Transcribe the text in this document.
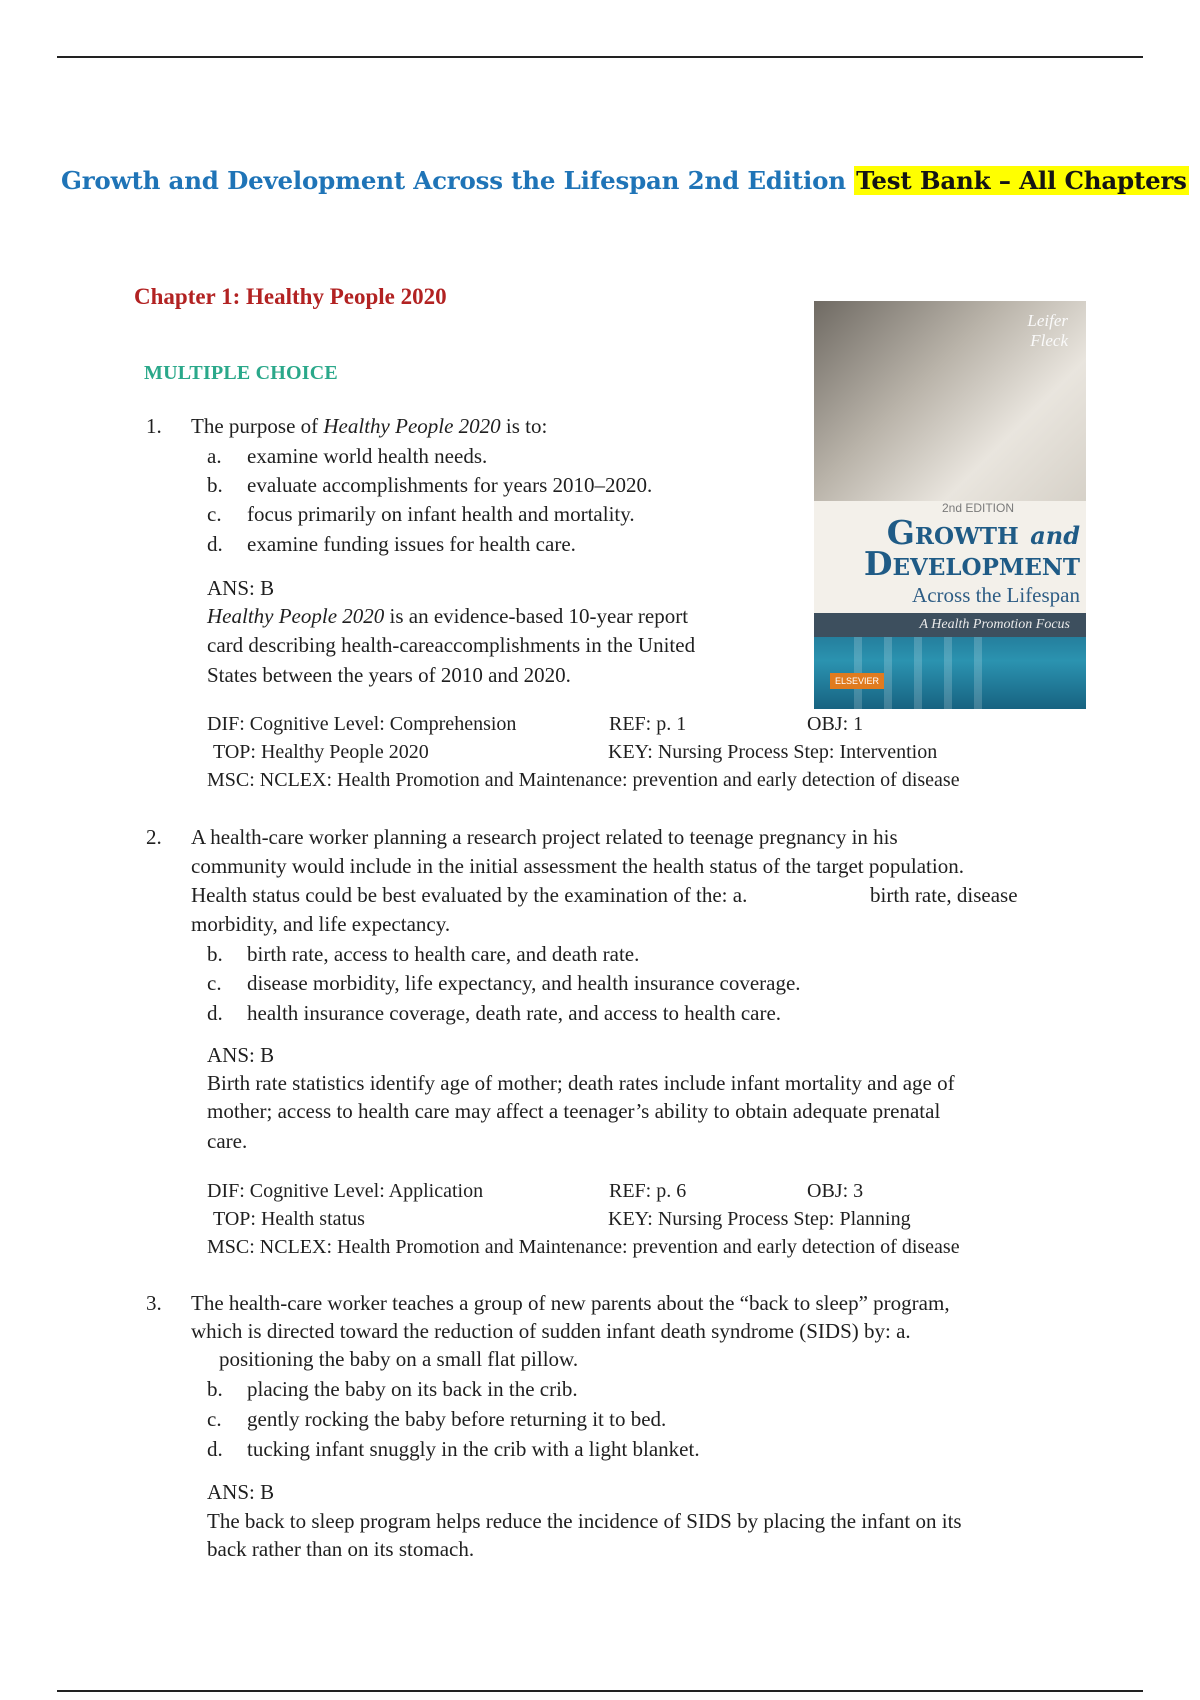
Growth and Development Across the Lifespan 2nd Edition Test Bank – All Chapters
Chapter 1: Healthy People 2020
MULTIPLE CHOICE
Leifer
Fleck
2nd EDITION
Growth and
Development
Across the Lifespan
A Health Promotion Focus
ELSEVIER
1. The purpose of Healthy People 2020 is to:
a. examine world health needs.
b. evaluate accomplishments for years 2010–2020.
c. focus primarily on infant health and mortality.
d. examine funding issues for health care.
ANS: B
Healthy People 2020 is an evidence-based 10-year report
card describing health-careaccomplishments in the United
States between the years of 2010 and 2020.
DIF: Cognitive Level: Comprehension	REF: p. 1	OBJ: 1
TOP: Healthy People 2020	KEY: Nursing Process Step: Intervention
MSC: NCLEX: Health Promotion and Maintenance: prevention and early detection of disease
2. A health-care worker planning a research project related to teenage pregnancy in his
community would include in the initial assessment the health status of the target population.
Health status could be best evaluated by the examination of the: a.	birth rate, disease
morbidity, and life expectancy.
b. birth rate, access to health care, and death rate.
c. disease morbidity, life expectancy, and health insurance coverage.
d. health insurance coverage, death rate, and access to health care.
ANS: B
Birth rate statistics identify age of mother; death rates include infant mortality and age of
mother; access to health care may affect a teenager’s ability to obtain adequate prenatal
care.
DIF: Cognitive Level: Application	REF: p. 6	OBJ: 3
TOP: Health status	KEY: Nursing Process Step: Planning
MSC: NCLEX: Health Promotion and Maintenance: prevention and early detection of disease
3. The health-care worker teaches a group of new parents about the “back to sleep” program,
which is directed toward the reduction of sudden infant death syndrome (SIDS) by: a.
positioning the baby on a small flat pillow.
b. placing the baby on its back in the crib.
c. gently rocking the baby before returning it to bed.
d. tucking infant snuggly in the crib with a light blanket.
ANS: B
The back to sleep program helps reduce the incidence of SIDS by placing the infant on its
back rather than on its stomach.
